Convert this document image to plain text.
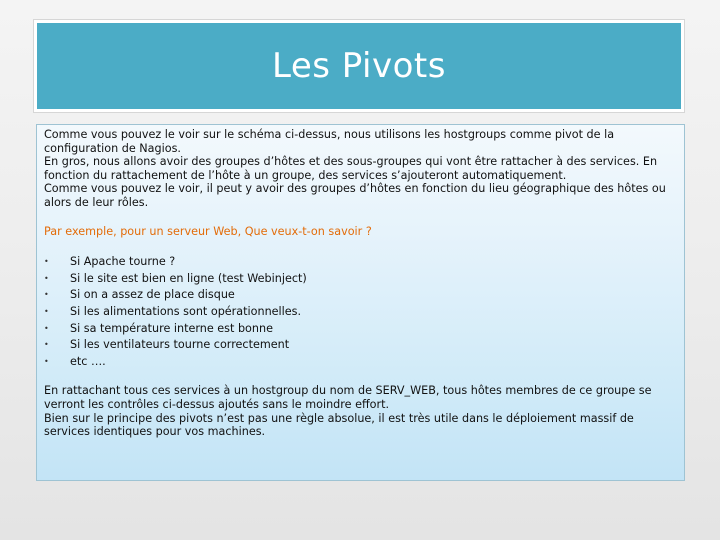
Les Pivots

Comme vous pouvez le voir sur le schéma ci-dessus, nous utilisons les hostgroups comme pivot de la
configuration de Nagios.
En gros, nous allons avoir des groupes d’hôtes et des sous-groupes qui vont être rattacher à des services. En
fonction du rattachement de l’hôte à un groupe, des services s’ajouteront automatiquement.
Comme vous pouvez le voir, il peut y avoir des groupes d’hôtes en fonction du lieu géographique des hôtes ou
alors de leur rôles.

Par exemple, pour un serveur Web, Que veux-t-on savoir ?

• Si Apache tourne ?
• Si le site est bien en ligne (test Webinject)
• Si on a assez de place disque
• Si les alimentations sont opérationnelles.
• Si sa température interne est bonne
• Si les ventilateurs tourne correctement
• etc ….

En rattachant tous ces services à un hostgroup du nom de SERV_WEB, tous hôtes membres de ce groupe se
verront les contrôles ci-dessus ajoutés sans le moindre effort.
Bien sur le principe des pivots n’est pas une règle absolue, il est très utile dans le déploiement massif de
services identiques pour vos machines.
